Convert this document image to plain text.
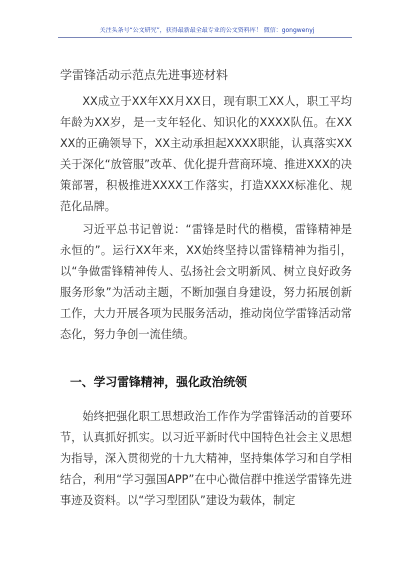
关注头条号“公文研究”，获得最新最全最专业的公文资料库！ 微信：gongwenyj
学雷锋活动示范点先进事迹材料

XX成立于XX年XX月XX日，现有职工XX人，职工平均年龄为XX岁，是一支年轻化、知识化的XXXX队伍。在XXXX的正确领导下，XX主动承担起XXXX职能，认真落实XX关于深化“放管服”改革、优化提升营商环境、推进XXX的决策部署，积极推进XXXX工作落实，打造XXXX标准化、规范化品牌。

习近平总书记曾说：“雷锋是时代的楷模，雷锋精神是永恒的”。运行XX年来，XX始终坚持以雷锋精神为指引，以“争做雷锋精神传人、弘扬社会文明新风、树立良好政务服务形象”为活动主题，不断加强自身建设，努力拓展创新工作，大力开展各项为民服务活动，推动岗位学雷锋活动常态化，努力争创一流佳绩。

一、学习雷锋精神，强化政治统领

始终把强化职工思想政治工作作为学雷锋活动的首要环节，认真抓好抓实。以习近平新时代中国特色社会主义思想为指导，深入贯彻党的十九大精神，坚持集体学习和自学相结合，利用“学习强国APP”在中心微信群中推送学雷锋先进事迹及资料。以“学习型团队”建设为载体，制定
